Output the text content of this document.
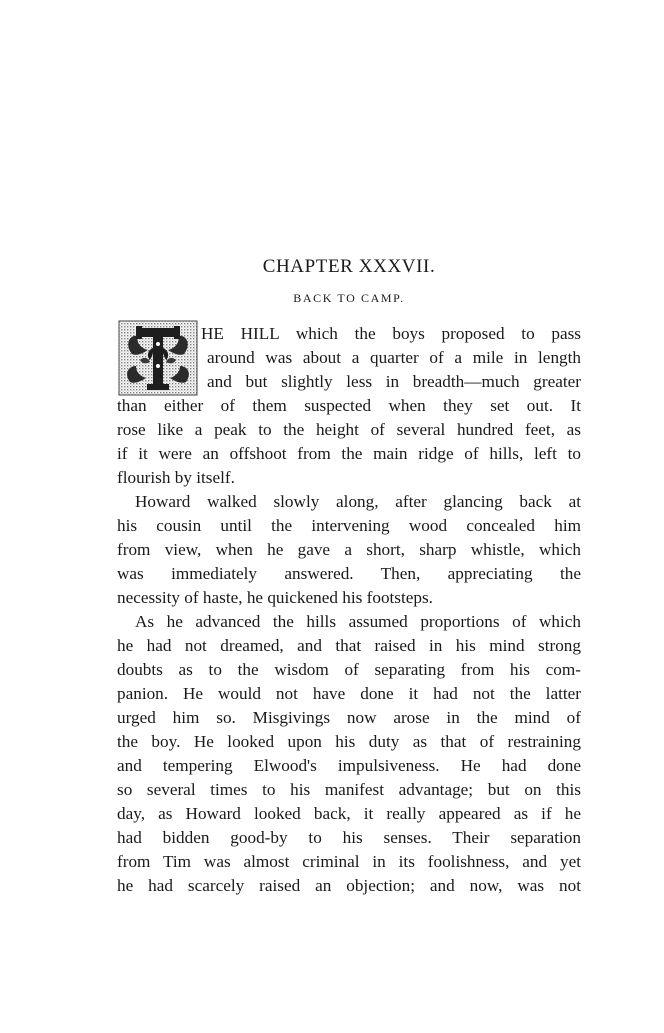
CHAPTER XXXVII.
BACK TO CAMP.
HE HILL which the boys proposed to pass
around was about a quarter of a mile in length
and but slightly less in breadth—much greater
than either of them suspected when they set out. It
rose like a peak to the height of several hundred feet, as
if it were an offshoot from the main ridge of hills, left to
flourish by itself.
Howard walked slowly along, after glancing back at
his cousin until the intervening wood concealed him
from view, when he gave a short, sharp whistle, which
was immediately answered. Then, appreciating the
necessity of haste, he quickened his footsteps.
As he advanced the hills assumed proportions of which
he had not dreamed, and that raised in his mind strong
doubts as to the wisdom of separating from his com-
panion. He would not have done it had not the latter
urged him so. Misgivings now arose in the mind of
the boy. He looked upon his duty as that of restraining
and tempering Elwood's impulsiveness. He had done
so several times to his manifest advantage; but on this
day, as Howard looked back, it really appeared as if he
had bidden good-by to his senses. Their separation
from Tim was almost criminal in its foolishness, and yet
he had scarcely raised an objection; and now, was not
